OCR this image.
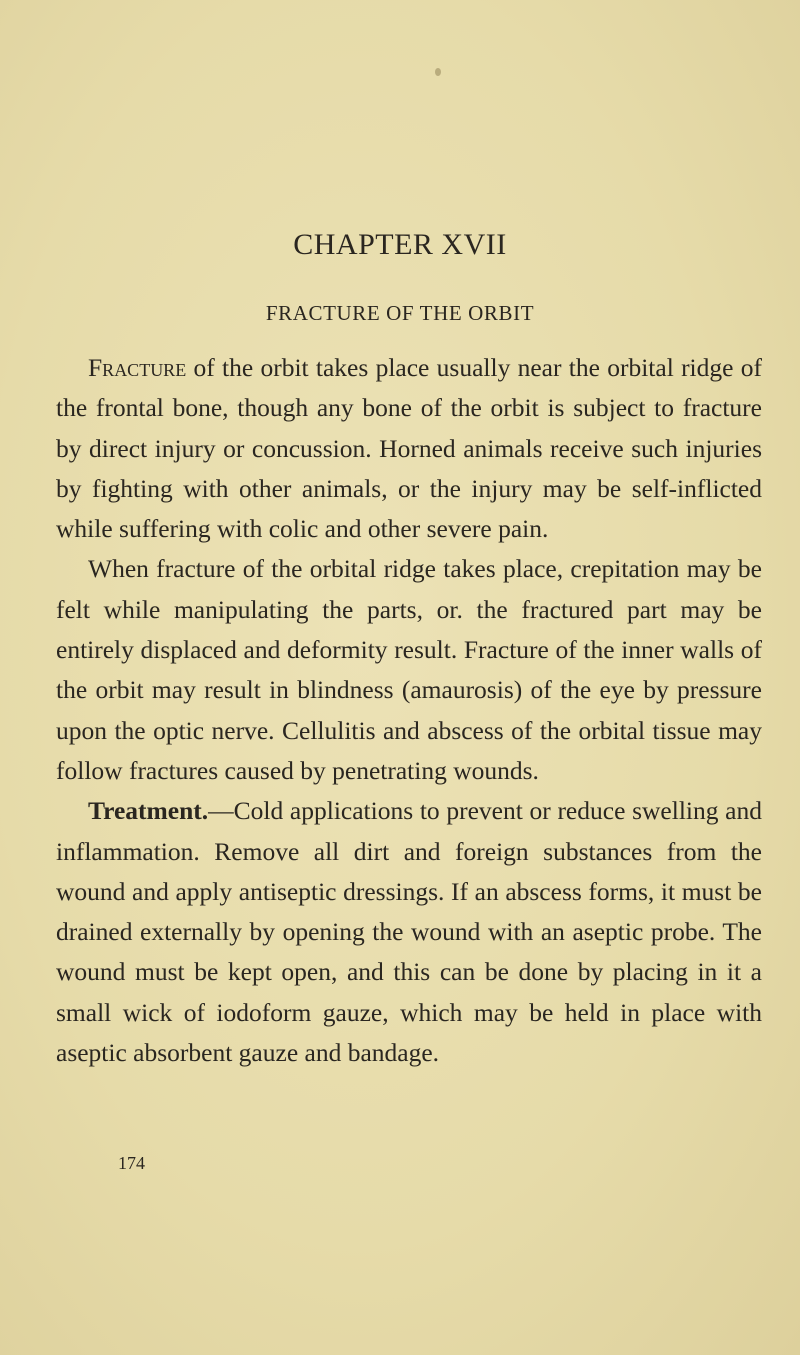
CHAPTER XVII
FRACTURE OF THE ORBIT

Fracture of the orbit takes place usually near the orbital ridge of the frontal bone, though any bone of the orbit is subject to fracture by direct injury or concussion. Horned animals receive such injuries by fighting with other animals, or the injury may be self-inflicted while suffering with colic and other severe pain.

When fracture of the orbital ridge takes place, crepitation may be felt while manipulating the parts, or. the fractured part may be entirely displaced and deformity result. Fracture of the inner walls of the orbit may result in blindness (amaurosis) of the eye by pressure upon the optic nerve. Cellulitis and abscess of the orbital tissue may follow fractures caused by penetrating wounds.

Treatment.—Cold applications to prevent or reduce swelling and inflammation. Remove all dirt and foreign substances from the wound and apply antiseptic dressings. If an abscess forms, it must be drained externally by opening the wound with an aseptic probe. The wound must be kept open, and this can be done by placing in it a small wick of iodoform gauze, which may be held in place with aseptic absorbent gauze and bandage.

174
